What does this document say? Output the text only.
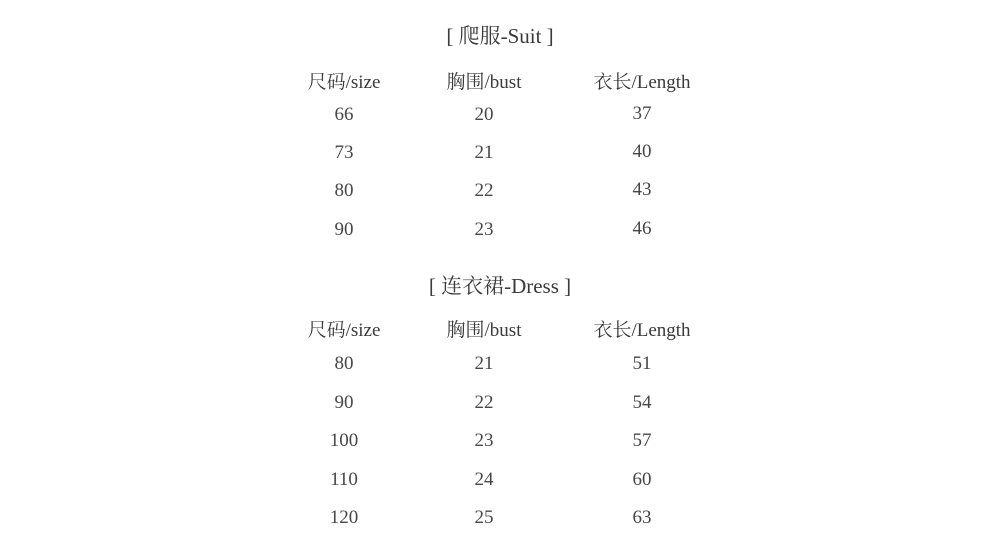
[ 爬服-Suit ]
尺码/size	胸围/bust	衣长/Length
66	20	37
73	21	40
80	22	43
90	23	46
[ 连衣裙-Dress ]
尺码/size	胸围/bust	衣长/Length
80	21	51
90	22	54
100	23	57
110	24	60
120	25	63
